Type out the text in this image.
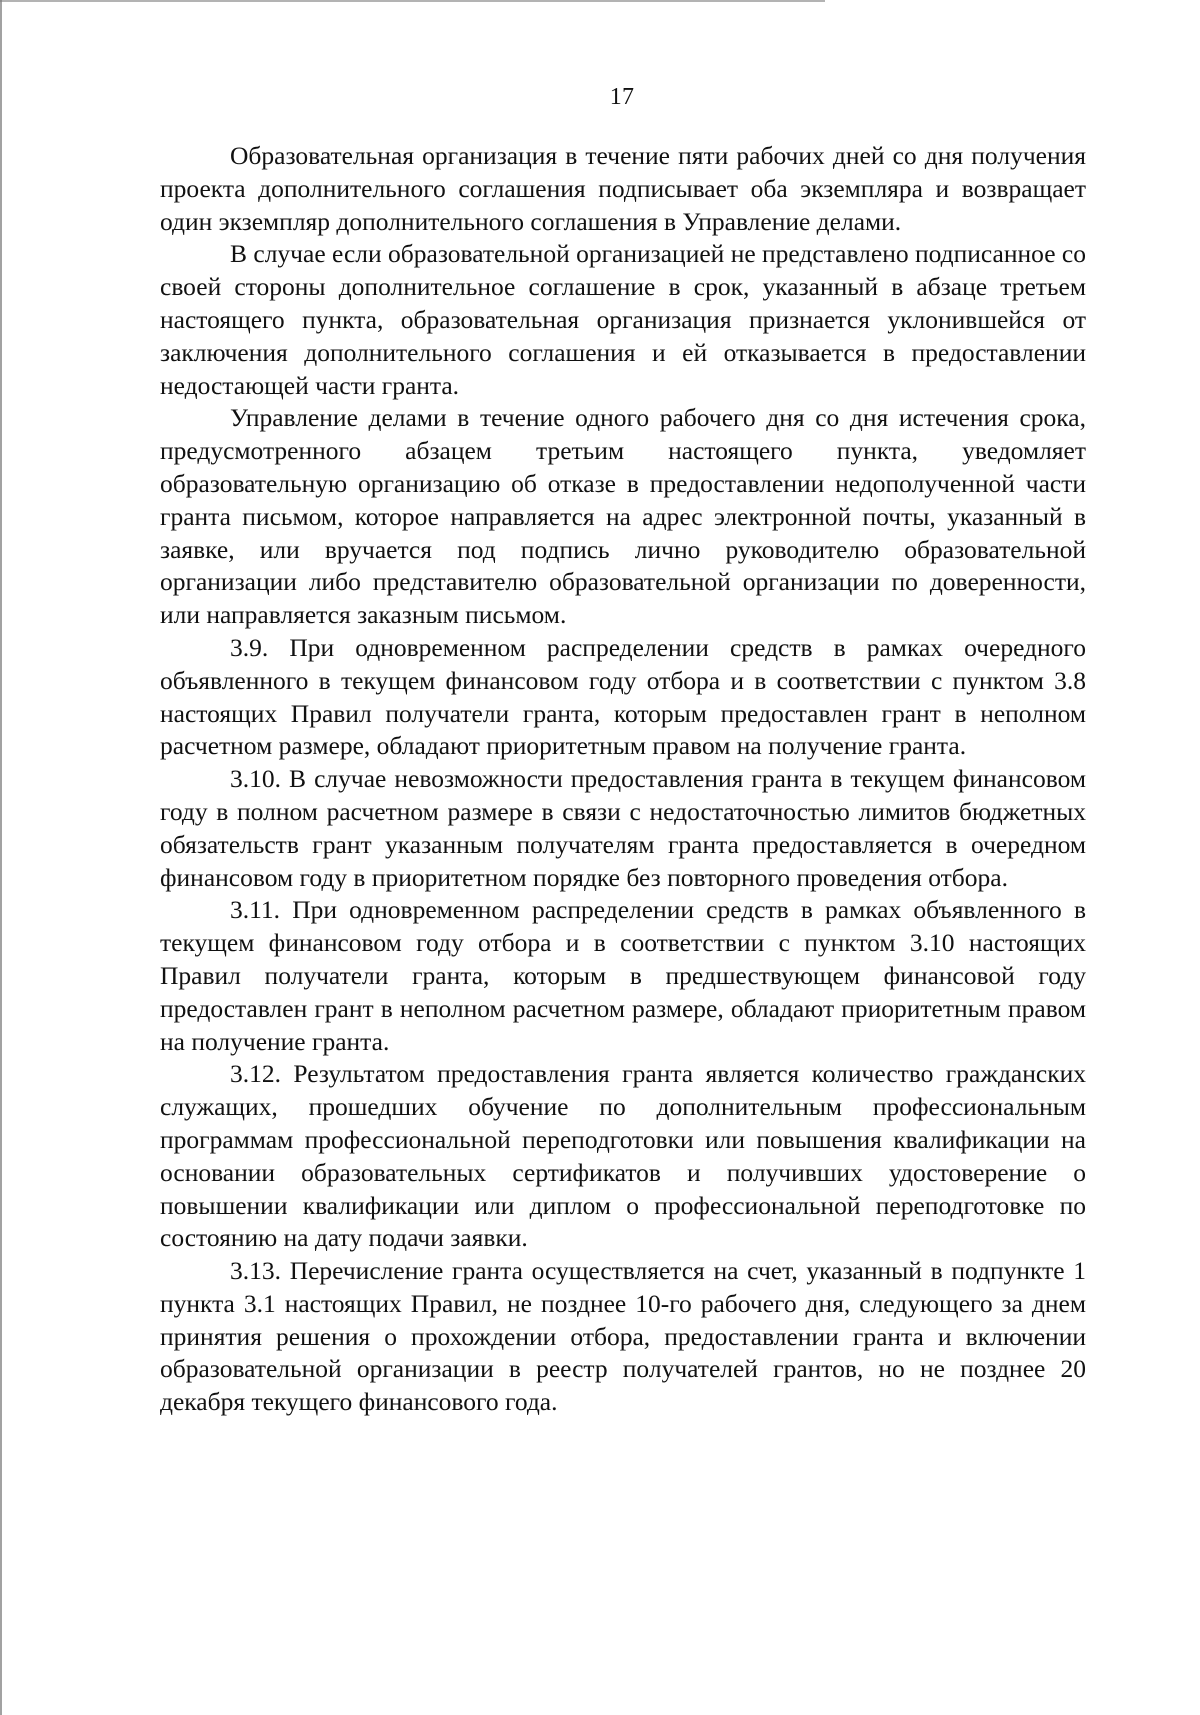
17

Образовательная организация в течение пяти рабочих дней со дня получения проекта дополнительного соглашения подписывает оба экземпляра и возвращает один экземпляр дополнительного соглашения в Управление делами.

В случае если образовательной организацией не представлено подписанное со своей стороны дополнительное соглашение в срок, указанный в абзаце третьем настоящего пункта, образовательная организация признается уклонившейся от заключения дополнительного соглашения и ей отказывается в предоставлении недостающей части гранта.

Управление делами в течение одного рабочего дня со дня истечения срока, предусмотренного абзацем третьим настоящего пункта, уведомляет образовательную организацию об отказе в предоставлении недополученной части гранта письмом, которое направляется на адрес электронной почты, указанный в заявке, или вручается под подпись лично руководителю образовательной организации либо представителю образовательной организации по доверенности, или направляется заказным письмом.

3.9. При одновременном распределении средств в рамках очередного объявленного в текущем финансовом году отбора и в соответствии с пунктом 3.8 настоящих Правил получатели гранта, которым предоставлен грант в неполном расчетном размере, обладают приоритетным правом на получение гранта.

3.10. В случае невозможности предоставления гранта в текущем финансовом году в полном расчетном размере в связи с недостаточностью лимитов бюджетных обязательств грант указанным получателям гранта предоставляется в очередном финансовом году в приоритетном порядке без повторного проведения отбора.

3.11. При одновременном распределении средств в рамках объявленного в текущем финансовом году отбора и в соответствии с пунктом 3.10 настоящих Правил получатели гранта, которым в предшествующем финансовой году предоставлен грант в неполном расчетном размере, обладают приоритетным правом на получение гранта.

3.12. Результатом предоставления гранта является количество гражданских служащих, прошедших обучение по дополнительным профессиональным программам профессиональной переподготовки или повышения квалификации на основании образовательных сертификатов и получивших удостоверение о повышении квалификации или диплом о профессиональной переподготовке по состоянию на дату подачи заявки.

3.13. Перечисление гранта осуществляется на счет, указанный в подпункте 1 пункта 3.1 настоящих Правил, не позднее 10-го рабочего дня, следующего за днем принятия решения о прохождении отбора, предоставлении гранта и включении образовательной организации в реестр получателей грантов, но не позднее 20 декабря текущего финансового года.
